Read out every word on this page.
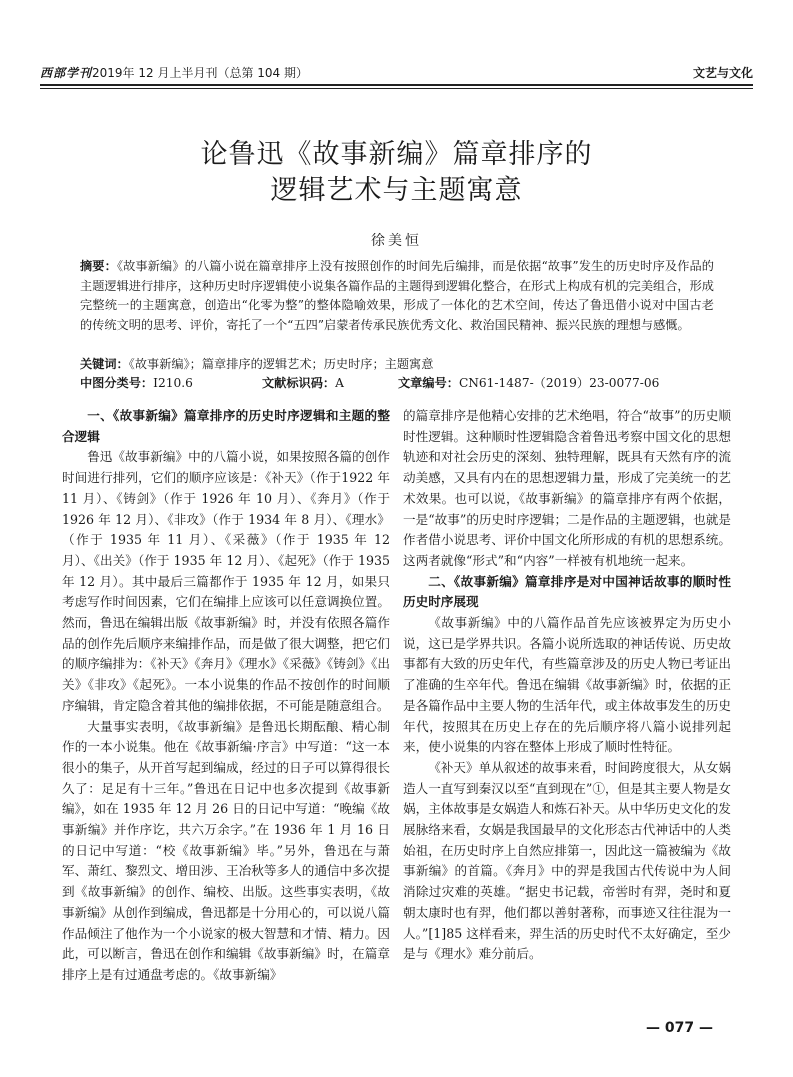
西部学刊2019年 12 月上半月刊（总第 104 期）	文艺与文化
论鲁迅《故事新编》篇章排序的
逻辑艺术与主题寓意
徐美恒
摘要：《故事新编》的八篇小说在篇章排序上没有按照创作的时间先后编排，而是依据“故事”发生的历史时序及作品的主题逻辑进行排序，这种历史时序逻辑使小说集各篇作品的主题得到逻辑化整合，在形式上构成有机的完美组合，形成完整统一的主题寓意，创造出“化零为整”的整体隐喻效果，形成了一体化的艺术空间，传达了鲁迅借小说对中国古老的传统文明的思考、评价，寄托了一个“五四”启蒙者传承民族优秀文化、救治国民精神、振兴民族的理想与感慨。
关键词：《故事新编》；篇章排序的逻辑艺术；历史时序；主题寓意
中图分类号：I210.6	文献标识码：A	文章编号：CN61-1487-（2019）23-0077-06
一、《故事新编》篇章排序的历史时序逻辑和主题的整合逻辑

鲁迅《故事新编》中的八篇小说，如果按照各篇的创作时间进行排列，它们的顺序应该是：《补天》（作于1922 年 11 月）、《铸剑》（作于 1926 年 10 月）、《奔月》（作于 1926 年 12 月）、《非攻》（作于 1934 年 8 月）、《理水》（作于 1935 年 11 月）、《采薇》（作于 1935 年 12 月）、《出关》（作于 1935 年 12 月）、《起死》（作于 1935 年 12 月）。其中最后三篇都作于 1935 年 12 月，如果只考虑写作时间因素，它们在编排上应该可以任意调换位置。然而，鲁迅在编辑出版《故事新编》时，并没有依照各篇作品的创作先后顺序来编排作品，而是做了很大调整，把它们的顺序编排为：《补天》《奔月》《理水》《采薇》《铸剑》《出关》《非攻》《起死》。一本小说集的作品不按创作的时间顺序编辑，肯定隐含着其他的编排依据，不可能是随意组合。

大量事实表明，《故事新编》是鲁迅长期酝酿、精心制作的一本小说集。他在《故事新编·序言》中写道：“这一本很小的集子，从开首写起到编成，经过的日子可以算得很长久了：足足有十三年。”鲁迅在日记中也多次提到《故事新编》，如在 1935 年 12 月 26 日的日记中写道：“晚编《故事新编》并作序讫，共六万余字。”在 1936 年 1 月 16 日的日记中写道：“校《故事新编》毕。”另外，鲁迅在与萧军、萧红、黎烈文、增田涉、王冶秋等多人的通信中多次提到《故事新编》的创作、编校、出版。这些事实表明，《故事新编》从创作到编成，鲁迅都是十分用心的，可以说八篇作品倾注了他作为一个小说家的极大智慧和才情、精力。因此，可以断言，鲁迅在创作和编辑《故事新编》时，在篇章排序上是有过通盘考虑的。《故事新编》

的篇章排序是他精心安排的艺术绝唱，符合“故事”的历史顺时性逻辑。这种顺时性逻辑隐含着鲁迅考察中国文化的思想轨迹和对社会历史的深刻、独特理解，既具有天然有序的流动美感，又具有内在的思想逻辑力量，形成了完美统一的艺术效果。也可以说，《故事新编》的篇章排序有两个依据，一是“故事”的历史时序逻辑；二是作品的主题逻辑，也就是作者借小说思考、评价中国文化所形成的有机的思想系统。这两者就像“形式”和“内容”一样被有机地统一起来。

二、《故事新编》篇章排序是对中国神话故事的顺时性历史时序展现

《故事新编》中的八篇作品首先应该被界定为历史小说，这已是学界共识。各篇小说所选取的神话传说、历史故事都有大致的历史年代，有些篇章涉及的历史人物已考证出了准确的生卒年代。鲁迅在编辑《故事新编》时，依据的正是各篇作品中主要人物的生活年代，或主体故事发生的历史年代，按照其在历史上存在的先后顺序将八篇小说排列起来，使小说集的内容在整体上形成了顺时性特征。

《补天》单从叙述的故事来看，时间跨度很大，从女娲造人一直写到秦汉以至“直到现在”①，但是其主要人物是女娲，主体故事是女娲造人和炼石补天。从中华历史文化的发展脉络来看，女娲是我国最早的文化形态古代神话中的人类始祖，在历史时序上自然应排第一，因此这一篇被编为《故事新编》的首篇。《奔月》中的羿是我国古代传说中为人间消除过灾难的英雄。“据史书记载，帝喾时有羿，尧时和夏朝太康时也有羿，他们都以善射著称，而事迹又往往混为一人。”[1]85 这样看来，羿生活的历史时代不太好确定，至少是与《理水》难分前后。

— 077 —
